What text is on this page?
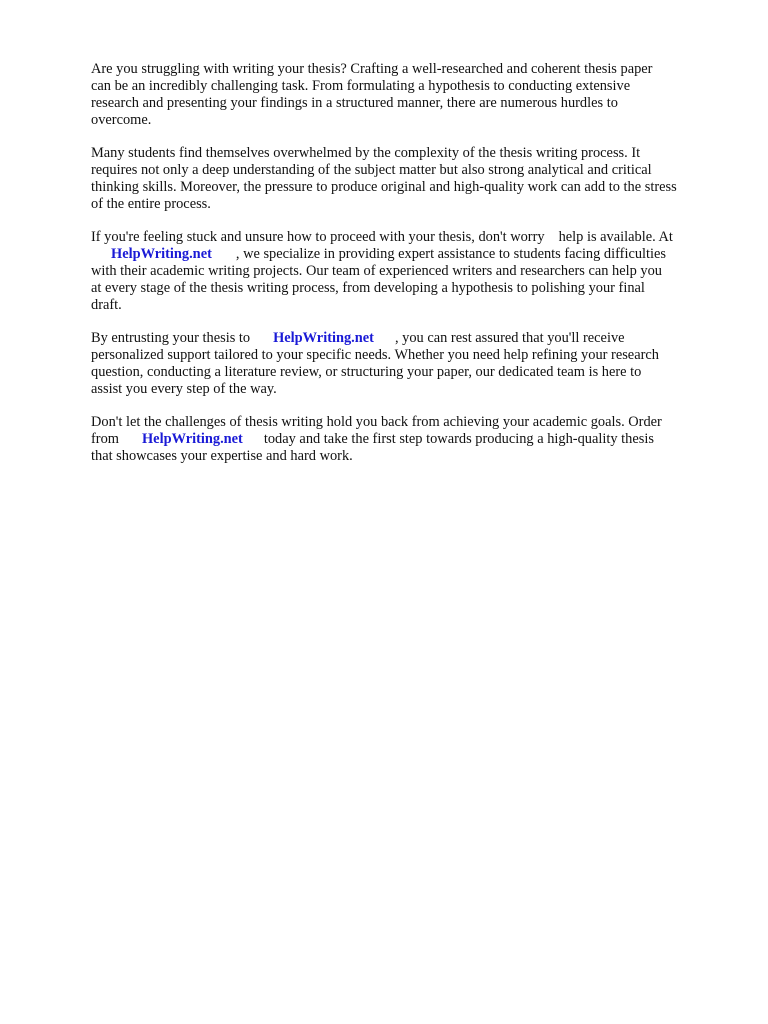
Are you struggling with writing your thesis? Crafting a well-researched and coherent thesis paper
can be an incredibly challenging task. From formulating a hypothesis to conducting extensive
research and presenting your findings in a structured manner, there are numerous hurdles to
overcome.

Many students find themselves overwhelmed by the complexity of the thesis writing process. It
requires not only a deep understanding of the subject matter but also strong analytical and critical
thinking skills. Moreover, the pressure to produce original and high-quality work can add to the stress
of the entire process.

If you're feeling stuck and unsure how to proceed with your thesis, don't worry help is available. At
HelpWriting.net , we specialize in providing expert assistance to students facing difficulties
with their academic writing projects. Our team of experienced writers and researchers can help you
at every stage of the thesis writing process, from developing a hypothesis to polishing your final
draft.

By entrusting your thesis to HelpWriting.net , you can rest assured that you'll receive
personalized support tailored to your specific needs. Whether you need help refining your research
question, conducting a literature review, or structuring your paper, our dedicated team is here to
assist you every step of the way.

Don't let the challenges of thesis writing hold you back from achieving your academic goals. Order
from HelpWriting.net today and take the first step towards producing a high-quality thesis
that showcases your expertise and hard work.
